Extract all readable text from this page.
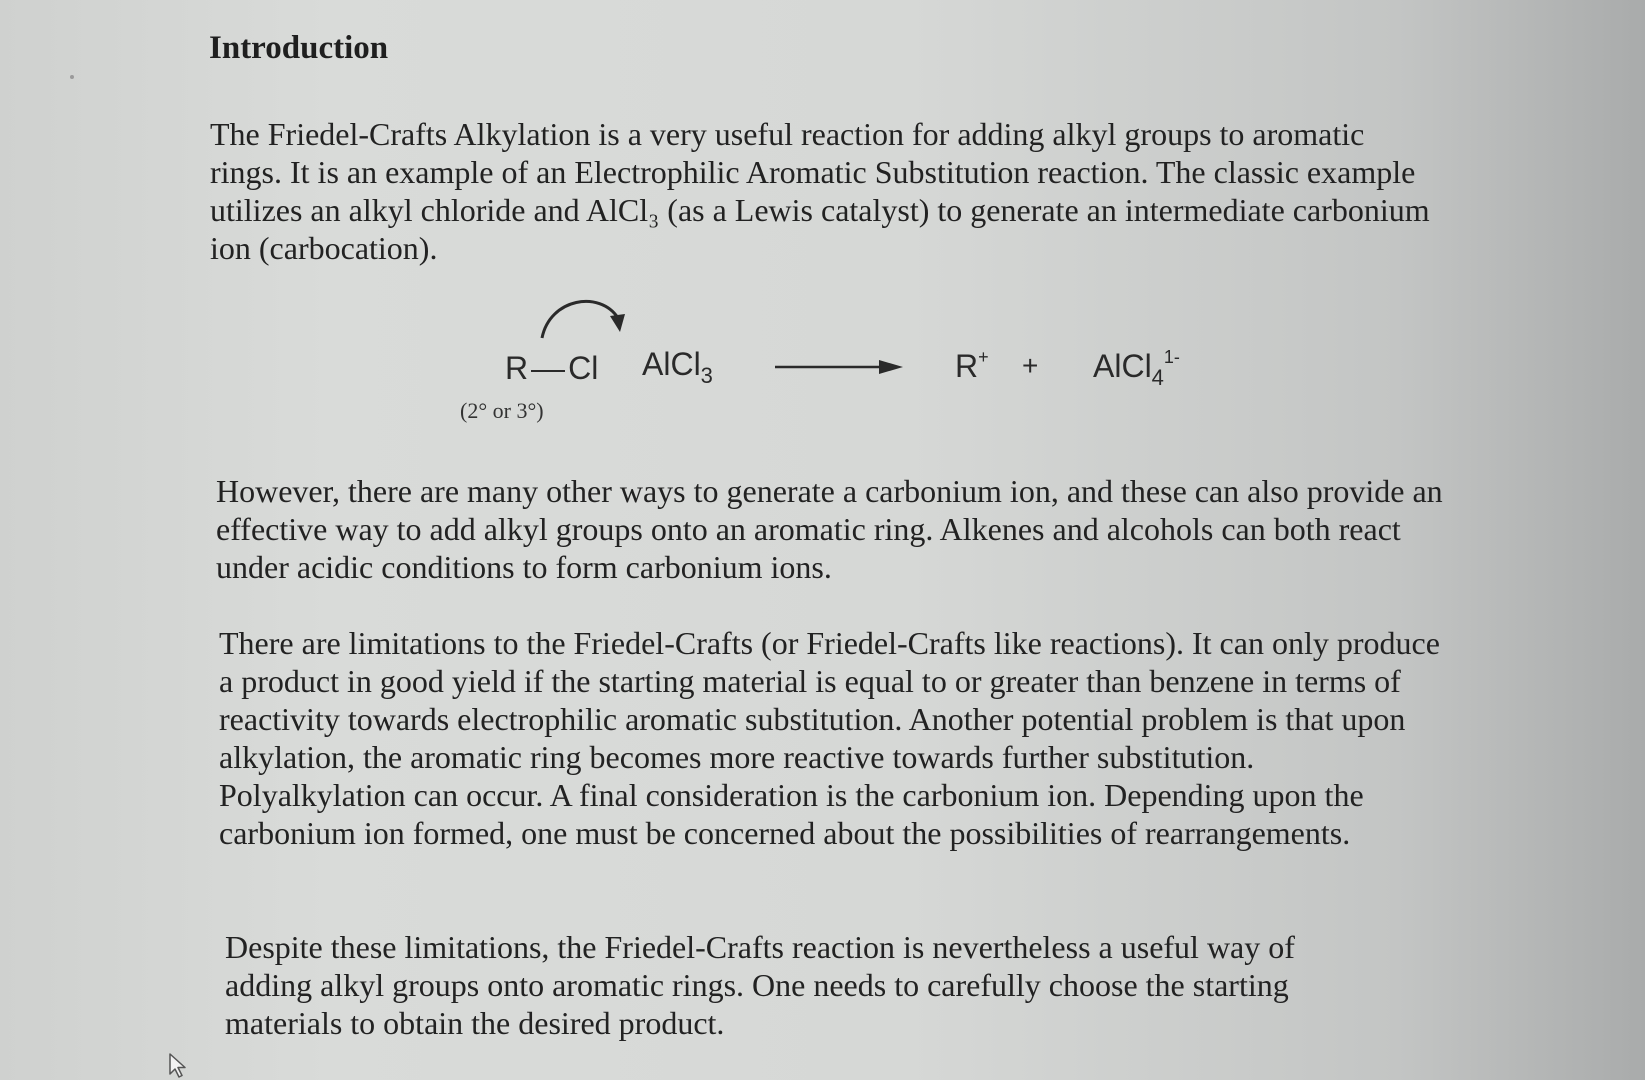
Introduction

The Friedel-Crafts Alkylation is a very useful reaction for adding alkyl groups to aromatic rings. It is an example of an Electrophilic Aromatic Substitution reaction. The classic example utilizes an alkyl chloride and AlCl₃ (as a Lewis catalyst) to generate an intermediate carbonium ion (carbocation).

R Cl AlCl$_3$
(2° or 3°)
R+ + AlCl$_4^{1-}$

However, there are many other ways to generate a carbonium ion, and these can also provide an effective way to add alkyl groups onto an aromatic ring. Alkenes and alcohols can both react under acidic conditions to form carbonium ions.

There are limitations to the Friedel-Crafts (or Friedel-Crafts like reactions). It can only produce a product in good yield if the starting material is equal to or greater than benzene in terms of reactivity towards electrophilic aromatic substitution. Another potential problem is that upon alkylation, the aromatic ring becomes more reactive towards further substitution. Polyalkylation can occur. A final consideration is the carbonium ion. Depending upon the carbonium ion formed, one must be concerned about the possibilities of rearrangements.

Despite these limitations, the Friedel-Crafts reaction is nevertheless a useful way of adding alkyl groups onto aromatic rings. One needs to carefully choose the starting materials to obtain the desired product.
